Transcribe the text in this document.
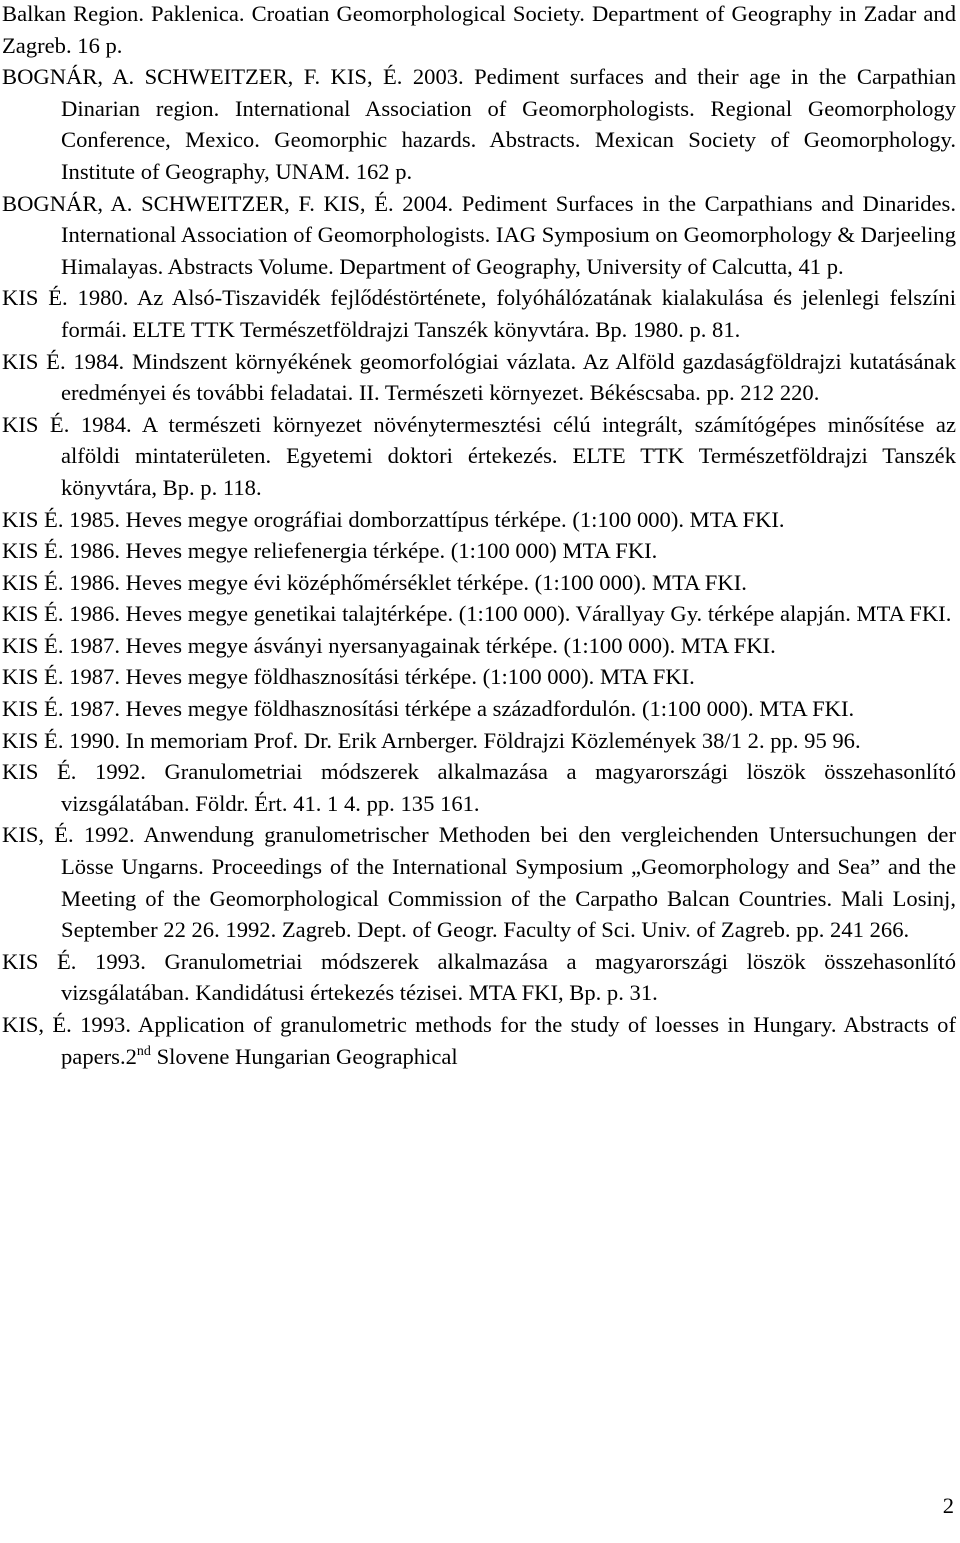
Balkan Region. Paklenica. Croatian Geomorphological Society. Department of Geography in Zadar and Zagreb. 16 p.

BOGNÁR, A. SCHWEITZER, F. KIS, É. 2003. Pediment surfaces and their age in the Carpathian Dinarian region. International Association of Geomorphologists. Regional Geomorphology Conference, Mexico. Geomorphic hazards. Abstracts. Mexican Society of Geomorphology. Institute of Geography, UNAM. 162 p.

BOGNÁR, A. SCHWEITZER, F. KIS, É. 2004. Pediment Surfaces in the Carpathians and Dinarides. International Association of Geomorphologists. IAG Symposium on Geomorphology & Darjeeling Himalayas. Abstracts Volume. Department of Geography, University of Calcutta, 41 p.

KIS É. 1980. Az Alsó-Tiszavidék fejlődéstörténete, folyóhálózatának kialakulása és jelenlegi felszíni formái. ELTE TTK Természetföldrajzi Tanszék könyvtára. Bp. 1980. p. 81.

KIS É. 1984. Mindszent környékének geomorfológiai vázlata. Az Alföld gazdaságföldrajzi kutatásának eredményei és további feladatai. II. Természeti környezet. Békéscsaba. pp. 212 220.

KIS É. 1984. A természeti környezet növénytermesztési célú integrált, számítógépes minősítése az alföldi mintaterületen. Egyetemi doktori értekezés. ELTE TTK Természetföldrajzi Tanszék könyvtára, Bp. p. 118.

KIS É. 1985. Heves megye orográfiai domborzattípus térképe. (1:100 000). MTA FKI.

KIS É. 1986. Heves megye reliefenergia térképe. (1:100 000) MTA FKI.

KIS É. 1986. Heves megye évi középhőmérséklet térképe. (1:100 000). MTA FKI.

KIS É. 1986. Heves megye genetikai talajtérképe. (1:100 000). Várallyay Gy. térképe alapján. MTA FKI.

KIS É. 1987. Heves megye ásványi nyersanyagainak térképe. (1:100 000). MTA FKI.

KIS É. 1987. Heves megye földhasznosítási térképe. (1:100 000). MTA FKI.

KIS É. 1987. Heves megye földhasznosítási térképe a századfordulón. (1:100 000). MTA FKI.

KIS É. 1990. In memoriam Prof. Dr. Erik Arnberger. Földrajzi Közlemények 38/1 2. pp. 95 96.

KIS É. 1992. Granulometriai módszerek alkalmazása a magyarországi löszök összehasonlító vizsgálatában. Földr. Ért. 41. 1 4. pp. 135 161.

KIS, É. 1992. Anwendung granulometrischer Methoden bei den vergleichenden Untersuchungen der Lösse Ungarns. Proceedings of the International Symposium „Geomorphology and Sea” and the Meeting of the Geomorphological Commission of the Carpatho Balcan Countries. Mali Losinj, September 22 26. 1992. Zagreb. Dept. of Geogr. Faculty of Sci. Univ. of Zagreb. pp. 241 266.

KIS É. 1993. Granulometriai módszerek alkalmazása a magyarországi löszök összehasonlító vizsgálatában. Kandidátusi értekezés tézisei. MTA FKI, Bp. p. 31.

KIS, É. 1993. Application of granulometric methods for the study of loesses in Hungary. Abstracts of papers.2nd Slovene Hungarian Geographical

2
